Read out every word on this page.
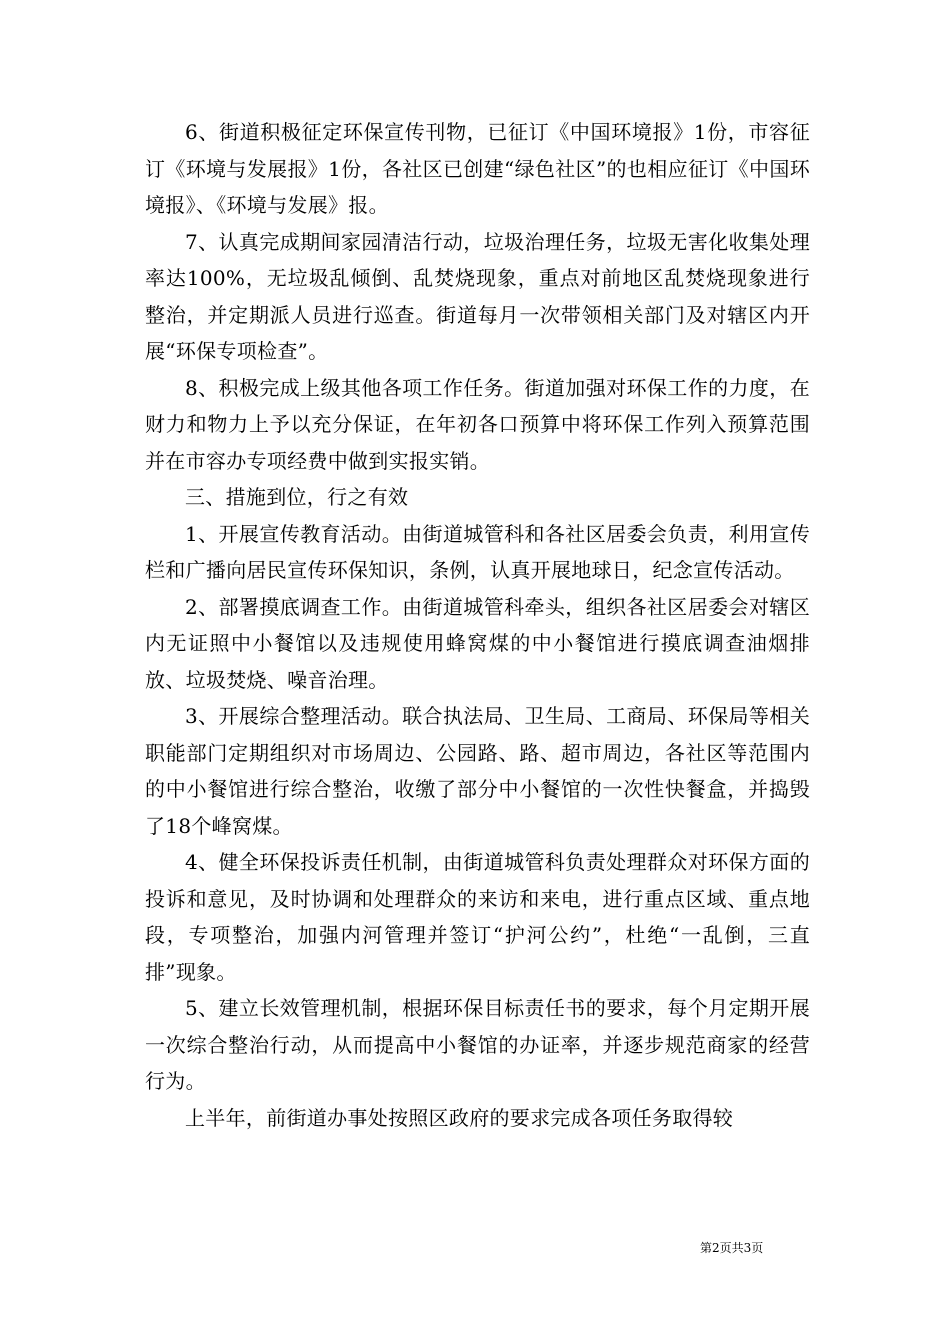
6、街道积极征定环保宣传刊物，已征订《中国环境报》1份，市容征订《环境与发展报》1份，各社区已创建“绿色社区”的也相应征订《中国环境报》、《环境与发展》报。

7、认真完成期间家园清洁行动，垃圾治理任务，垃圾无害化收集处理率达100%，无垃圾乱倾倒、乱焚烧现象，重点对前地区乱焚烧现象进行整治，并定期派人员进行巡查。街道每月一次带领相关部门及对辖区内开展“环保专项检查”。

8、积极完成上级其他各项工作任务。街道加强对环保工作的力度，在财力和物力上予以充分保证，在年初各口预算中将环保工作列入预算范围并在市容办专项经费中做到实报实销。

三、措施到位，行之有效

1、开展宣传教育活动。由街道城管科和各社区居委会负责，利用宣传栏和广播向居民宣传环保知识，条例，认真开展地球日，纪念宣传活动。

2、部署摸底调查工作。由街道城管科牵头，组织各社区居委会对辖区内无证照中小餐馆以及违规使用蜂窝煤的中小餐馆进行摸底调查油烟排放、垃圾焚烧、噪音治理。

3、开展综合整理活动。联合执法局、卫生局、工商局、环保局等相关职能部门定期组织对市场周边、公园路、路、超市周边，各社区等范围内的中小餐馆进行综合整治，收缴了部分中小餐馆的一次性快餐盒，并捣毁了18个峰窝煤。

4、健全环保投诉责任机制，由街道城管科负责处理群众对环保方面的投诉和意见，及时协调和处理群众的来访和来电，进行重点区域、重点地段，专项整治，加强内河管理并签订“护河公约”，杜绝“一乱倒，三直排”现象。

5、建立长效管理机制，根据环保目标责任书的要求，每个月定期开展一次综合整治行动，从而提高中小餐馆的办证率，并逐步规范商家的经营行为。

上半年，前街道办事处按照区政府的要求完成各项任务取得较

第2页共3页
